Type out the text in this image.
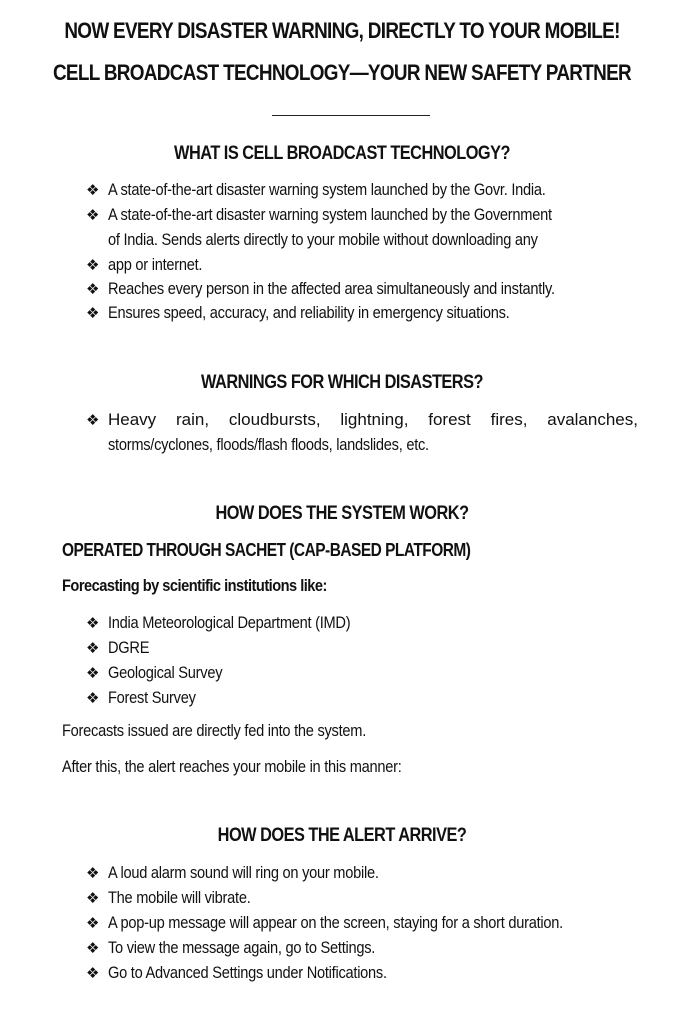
NOW EVERY DISASTER WARNING, DIRECTLY TO YOUR MOBILE!
CELL BROADCAST TECHNOLOGY—YOUR NEW SAFETY PARTNER
WHAT IS CELL BROADCAST TECHNOLOGY?
❖ A state-of-the-art disaster warning system launched by the Govr. India.
❖ A state-of-the-art disaster warning system launched by the Government
of India. Sends alerts directly to your mobile without downloading any
❖ app or internet.
❖ Reaches every person in the affected area simultaneously and instantly.
❖ Ensures speed, accuracy, and reliability in emergency situations.
WARNINGS FOR WHICH DISASTERS?
❖ Heavy rain, cloudbursts, lightning, forest fires, avalanches,
storms/cyclones, floods/flash floods, landslides, etc.
HOW DOES THE SYSTEM WORK?
OPERATED THROUGH SACHET (CAP-BASED PLATFORM)
Forecasting by scientific institutions like:
❖ India Meteorological Department (IMD)
❖ DGRE
❖ Geological Survey
❖ Forest Survey
Forecasts issued are directly fed into the system.
After this, the alert reaches your mobile in this manner:
HOW DOES THE ALERT ARRIVE?
❖ A loud alarm sound will ring on your mobile.
❖ The mobile will vibrate.
❖ A pop-up message will appear on the screen, staying for a short duration.
❖ To view the message again, go to Settings.
❖ Go to Advanced Settings under Notifications.
